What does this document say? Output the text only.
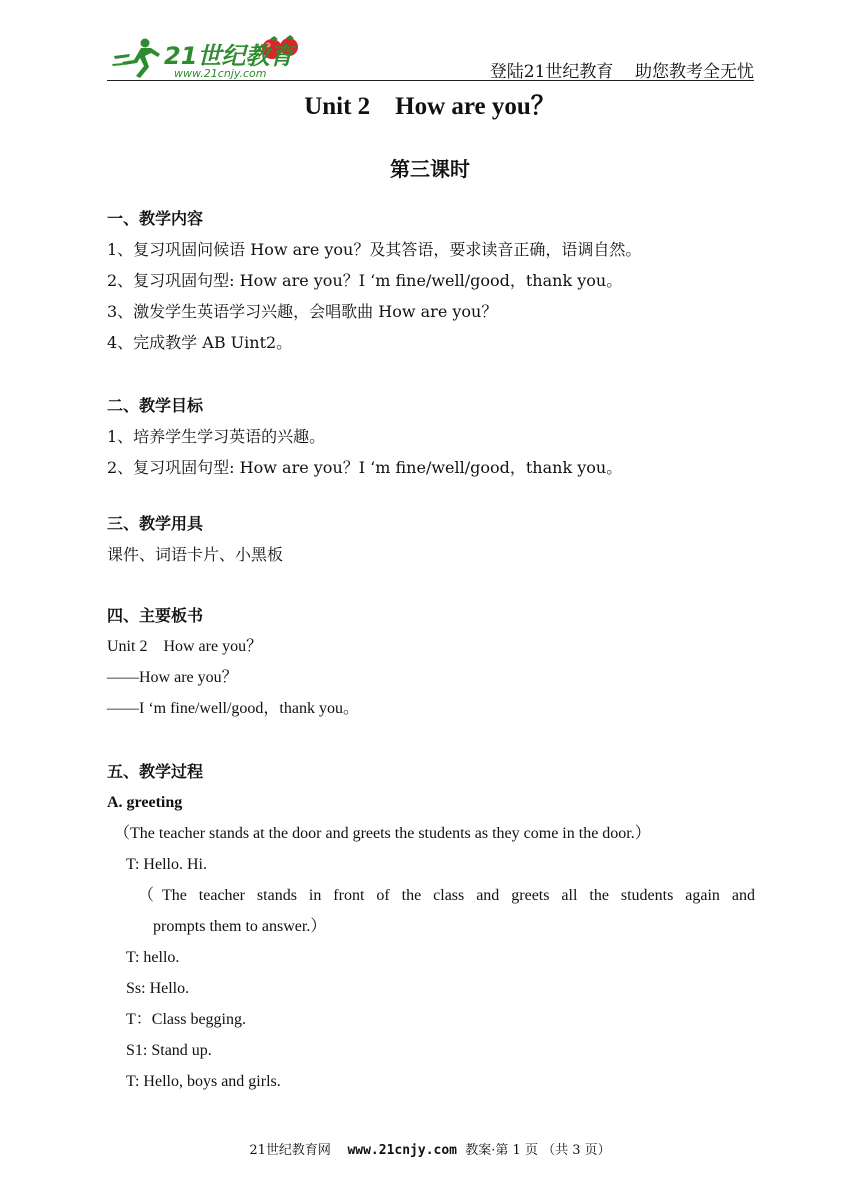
21世纪教育
www.21cnjy.com	登陆21世纪教育    助您教考全无忧
Unit 2    How are you？
第三课时
一、教学内容
1、复习巩固问候语 How are you？及其答语，要求读音正确，语调自然。
2、复习巩固句型: How are you？I ‘m fine/well/good，thank you。
3、激发学生英语学习兴趣，会唱歌曲 How are you？
4、完成教学 AB Uint2。
二、教学目标
1、培养学生学习英语的兴趣。
2、复习巩固句型: How are you？I ‘m fine/well/good，thank you。
三、教学用具
课件、词语卡片、小黑板
四、主要板书
Unit 2    How are you？
——How are you？
——I ‘m fine/well/good，thank you。
五、教学过程
A. greeting
（The teacher stands at the door and greets the students as they come in the door.）
T: Hello. Hi.
（The teacher stands in front of the class and greets all the students again and
prompts them to answer.）
T: hello.
Ss: Hello.
T：Class begging.
S1: Stand up.
T: Hello, boys and girls.
21世纪教育网 www.21cnjy.com 教案·第 1 页 （共 3 页）
